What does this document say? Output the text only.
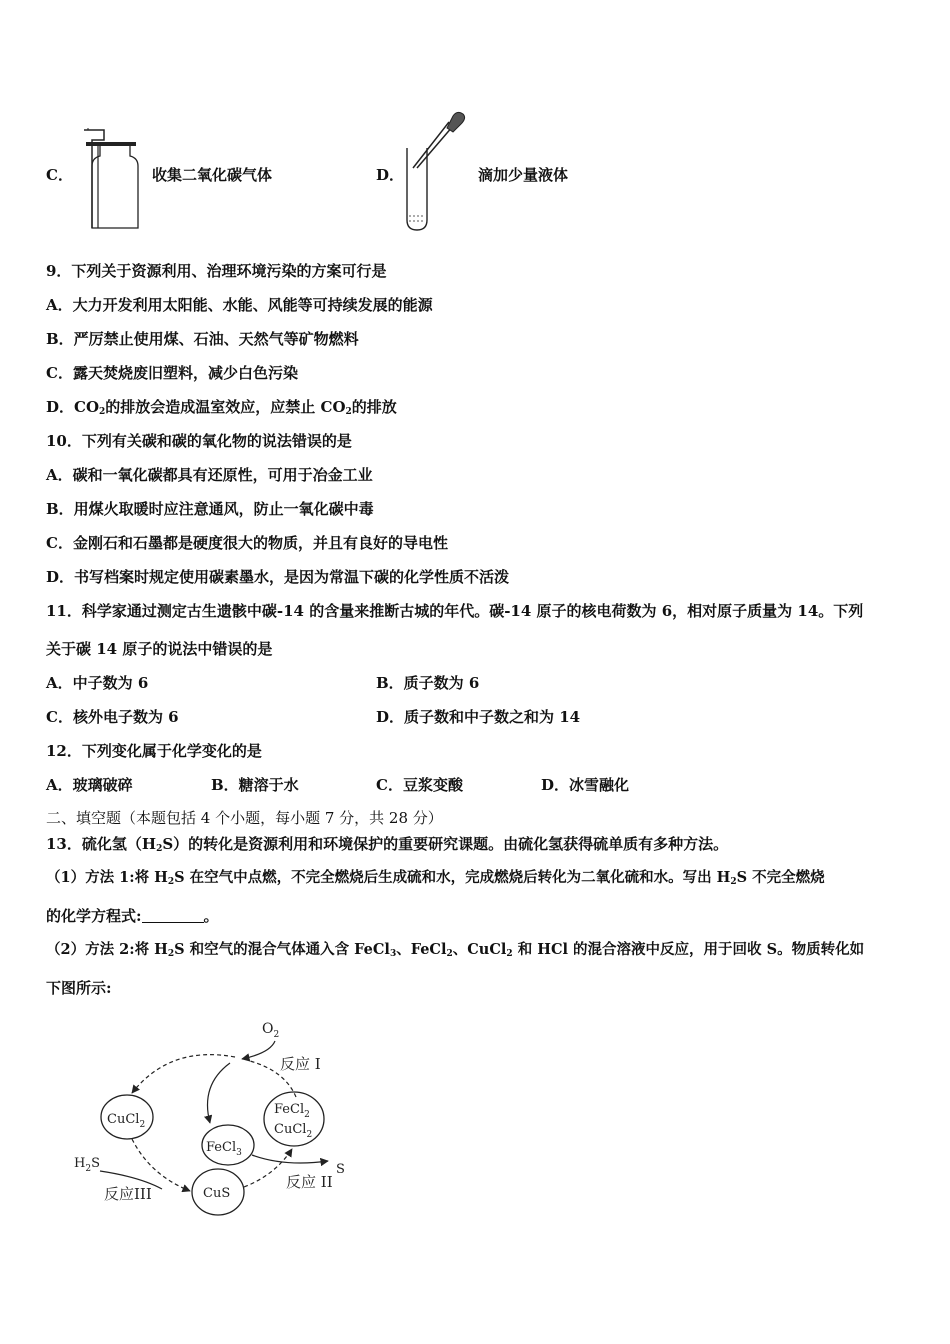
C．	收集二氧化碳气体	D．	滴加少量液体
9．下列关于资源利用、治理环境污染的方案可行是
A．大力开发利用太阳能、水能、风能等可持续发展的能源
B．严厉禁止使用煤、石油、天然气等矿物燃料
C．露天焚烧废旧塑料，减少白色污染
D．$CO_2$的排放会造成温室效应，应禁止 $CO_2$的排放
10．下列有关碳和碳的氧化物的说法错误的是
A．碳和一氧化碳都具有还原性，可用于冶金工业
B．用煤火取暖时应注意通风，防止一氧化碳中毒
C．金刚石和石墨都是硬度很大的物质，并且有良好的导电性
D．书写档案时规定使用碳素墨水，是因为常温下碳的化学性质不活泼
11．科学家通过测定古生遗骸中碳-14 的含量来推断古城的年代。碳-14 原子的核电荷数为 6，相对原子质量为 14。下列
关于碳 14 原子的说法中错误的是
A．中子数为 6	B．质子数为 6
C．核外电子数为 6	D．质子数和中子数之和为 14
12．下列变化属于化学变化的是
A．玻璃破碎	B．糖溶于水	C．豆浆变酸	D．冰雪融化
二、填空题（本题包括 4 个小题，每小题 7 分，共 28 分）
13．硫化氢$(H_2S)$的转化是资源利用和环境保护的重要研究课题。由硫化氢获得硫单质有多种方法。
（1）方法 1:将 $H_2S$ 在空气中点燃，不完全燃烧后生成硫和水，完成燃烧后转化为二氧化硫和水。写出 $H_2S$ 不完全燃烧
的化学方程式:	。
（2）方法 2:将 $H_2S$ 和空气的混合气体通入含 FeCl$_3$、FeCl$_2$、CuCl$_2$ 和 HCl 的混合溶液中反应，用于回收 S。物质转化如
下图所示:
$O_2$
反应 I
CuCl$_2$
FeCl$_2$
CuCl$_2$
FeCl$_3$
CuS
$H_2S$
反应III
S
反应 II
